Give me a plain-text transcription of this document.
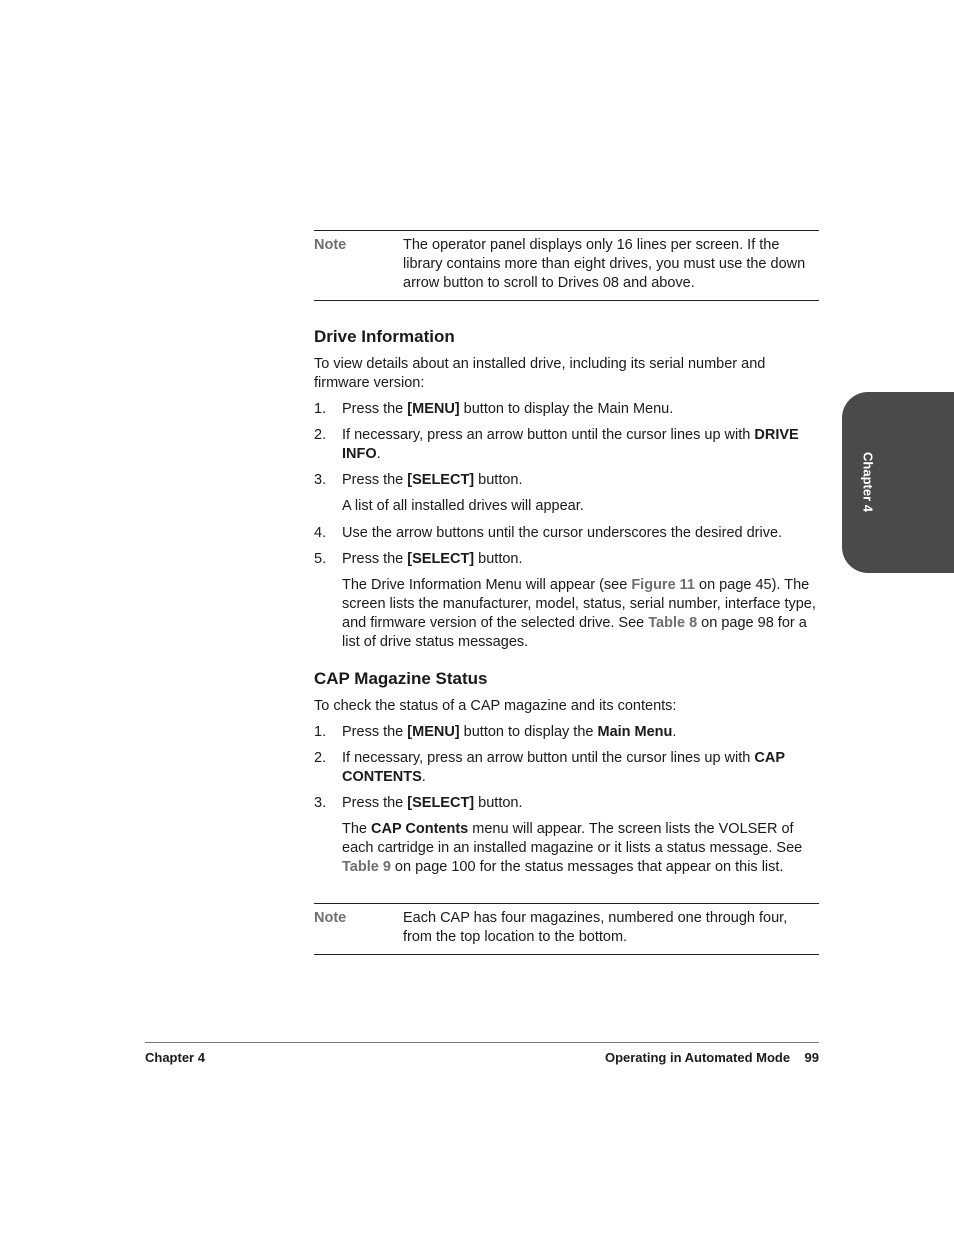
Note	The operator panel displays only 16 lines per screen. If the library contains more than eight drives, you must use the down arrow button to scroll to Drives 08 and above.
Drive Information

To view details about an installed drive, including its serial number and firmware version:

1.	Press the [MENU] button to display the Main Menu.
2.	If necessary, press an arrow button until the cursor lines up with DRIVE INFO.
3.	Press the [SELECT] button.

A list of all installed drives will appear.

4.	Use the arrow buttons until the cursor underscores the desired drive.
5.	Press the [SELECT] button.

The Drive Information Menu will appear (see Figure 11 on page 45). The screen lists the manufacturer, model, status, serial number, interface type, and firmware version of the selected drive. See Table 8 on page 98 for a list of drive status messages.

CAP Magazine Status

To check the status of a CAP magazine and its contents:

1.	Press the [MENU] button to display the Main Menu.
2.	If necessary, press an arrow button until the cursor lines up with CAP CONTENTS.
3.	Press the [SELECT] button.

The CAP Contents menu will appear. The screen lists the VOLSER of each cartridge in an installed magazine or it lists a status message. See Table 9 on page 100 for the status messages that appear on this list.

Note	Each CAP has four magazines, numbered one through four, from the top location to the bottom.
Chapter 4
Chapter 4	Operating in Automated Mode    99
